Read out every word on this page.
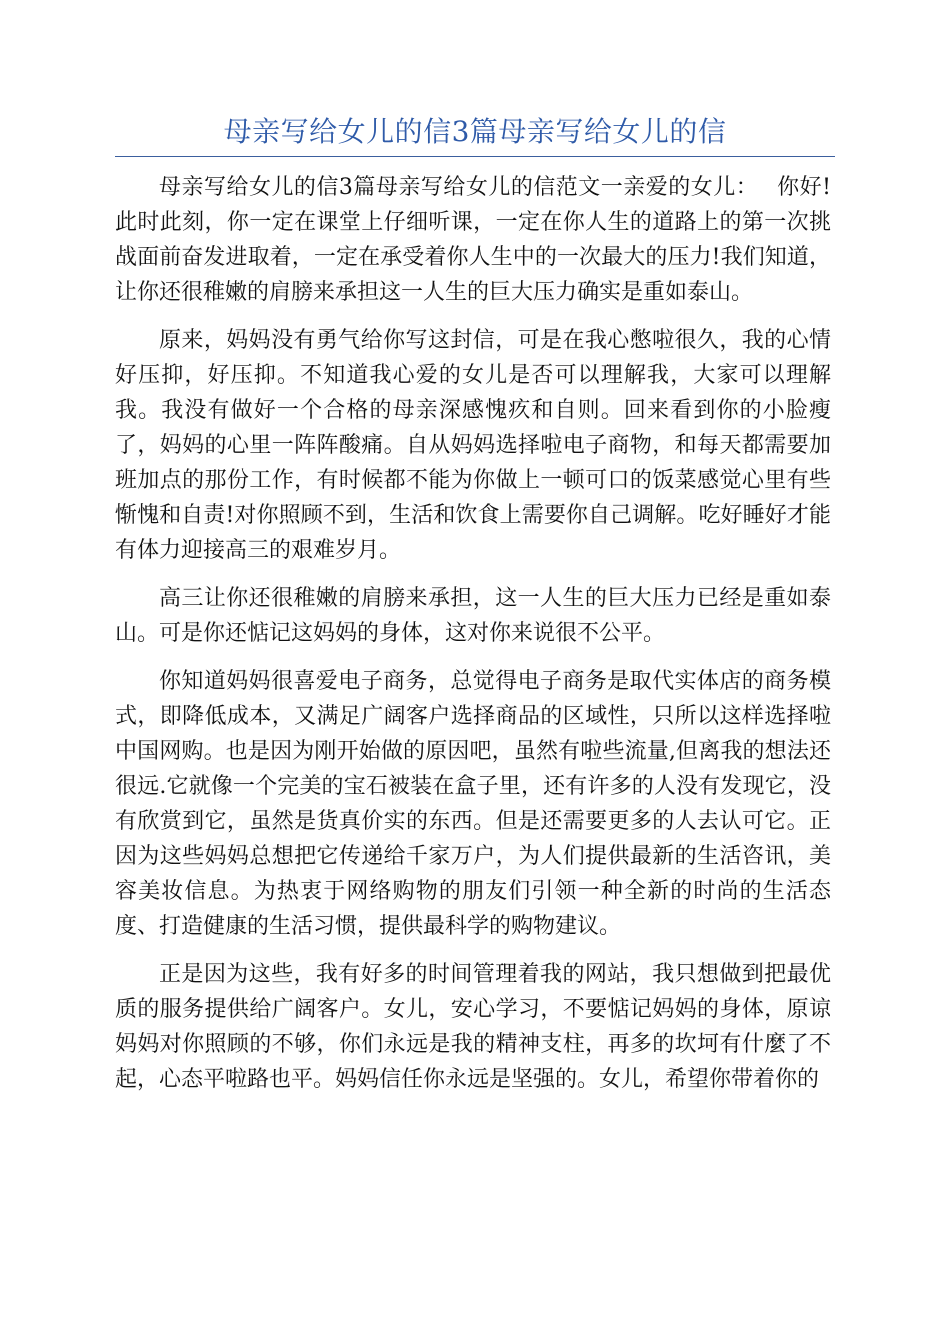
母亲写给女儿的信3篇母亲写给女儿的信

母亲写给女儿的信3篇母亲写给女儿的信范文一亲爱的女儿：　 你好!此时此刻，你一定在课堂上仔细听课，一定在你人生的道路上的第一次挑战面前奋发进取着，一定在承受着你人生中的一次最大的压力!我们知道，让你还很稚嫩的肩膀来承担这一人生的巨大压力确实是重如泰山。

原来，妈妈没有勇气给你写这封信，可是在我心憋啦很久，我的心情好压抑，好压抑。不知道我心爱的女儿是否可以理解我，大家可以理解我。我没有做好一个合格的母亲深感愧疚和自则。回来看到你的小脸瘦了，妈妈的心里一阵阵酸痛。自从妈妈选择啦电子商物，和每天都需要加班加点的那份工作，有时候都不能为你做上一顿可口的饭菜感觉心里有些惭愧和自责!对你照顾不到，生活和饮食上需要你自己调解。吃好睡好才能有体力迎接高三的艰难岁月。

高三让你还很稚嫩的肩膀来承担，这一人生的巨大压力已经是重如泰山。可是你还惦记这妈妈的身体，这对你来说很不公平。

你知道妈妈很喜爱电子商务，总觉得电子商务是取代实体店的商务模式，即降低成本，又满足广阔客户选择商品的区域性，只所以这样选择啦中国网购。也是因为刚开始做的原因吧，虽然有啦些流量,但离我的想法还很远.它就像一个完美的宝石被装在盒子里，还有许多的人没有发现它，没有欣赏到它，虽然是货真价实的东西。但是还需要更多的人去认可它。正因为这些妈妈总想把它传递给千家万户，为人们提供最新的生活咨讯，美容美妆信息。为热衷于网络购物的朋友们引领一种全新的时尚的生活态度、打造健康的生活习惯，提供最科学的购物建议。

正是因为这些，我有好多的时间管理着我的网站，我只想做到把最优质的服务提供给广阔客户。女儿，安心学习，不要惦记妈妈的身体，原谅妈妈对你照顾的不够，你们永远是我的精神支柱，再多的坎坷有什麼了不起，心态平啦路也平。妈妈信任你永远是坚强的。女儿，希望你带着你的
